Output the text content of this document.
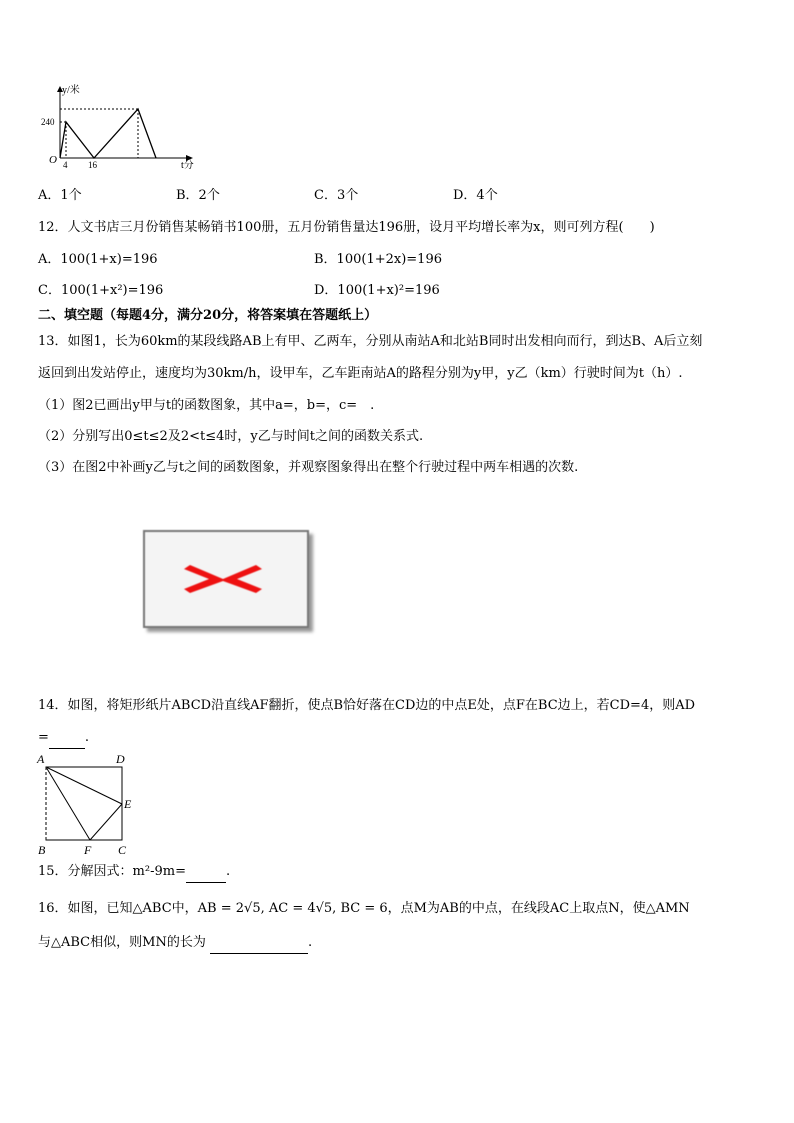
y/米
240
O 4 16	t分
A．1个	B．2个	C．3个	D．4个
12．人文书店三月份销售某畅销书100册，五月份销售量达196册，设月平均增长率为x，则可列方程(　　)
A．100(1+x)=196	B．100(1+2x)=196
C．100(1+x²)=196	D．100(1+x)²=196
二、填空题（每题4分，满分20分，将答案填在答题纸上）
13．如图1，长为60km的某段线路AB上有甲、乙两车，分别从南站A和北站B同时出发相向而行，到达B、A后立刻
返回到出发站停止，速度均为30km/h，设甲车，乙车距南站A的路程分别为y甲，y乙（km）行驶时间为t（h）.
（1）图2已画出y甲与t的函数图象，其中a=，b=，c=　.
（2）分别写出0≤t≤2及2<t≤4时，y乙与时间t之间的函数关系式.
（3）在图2中补画y乙与t之间的函数图象，并观察图象得出在整个行驶过程中两车相遇的次数.
14．如图，将矩形纸片ABCD沿直线AF翻折，使点B恰好落在CD边的中点E处，点F在BC边上，若CD=4，则AD
=	.
A	D
E
B	F C
15．分解因式：m²-9m=	.
16．如图，已知△ABC中，AB = 2√5, AC = 4√5, BC = 6，点M为AB的中点，在线段AC上取点N，使△AMN
与△ABC相似，则MN的长为	.
